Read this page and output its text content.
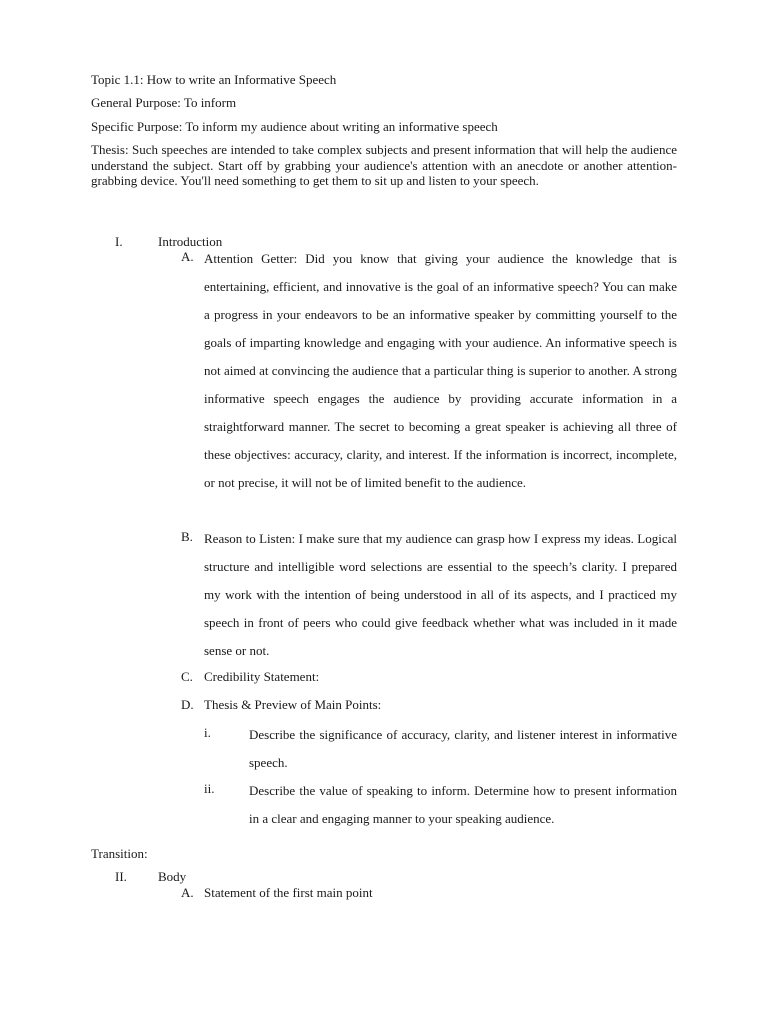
Topic 1.1: How to write an Informative Speech
General Purpose: To inform
Specific Purpose: To inform my audience about writing an informative speech
Thesis: Such speeches are intended to take complex subjects and present information that will help the audience understand the subject. Start off by grabbing your audience's attention with an anecdote or another attention-grabbing device. You'll need something to get them to sit up and listen to your speech.
I.	Introduction
A. Attention Getter: Did you know that giving your audience the knowledge that is entertaining, efficient, and innovative is the goal of an informative speech? You can make a progress in your endeavors to be an informative speaker by committing yourself to the goals of imparting knowledge and engaging with your audience. An informative speech is not aimed at convincing the audience that a particular thing is superior to another. A strong informative speech engages the audience by providing accurate information in a straightforward manner. The secret to becoming a great speaker is achieving all three of these objectives: accuracy, clarity, and interest. If the information is incorrect, incomplete, or not precise, it will not be of limited benefit to the audience.
B. Reason to Listen: I make sure that my audience can grasp how I express my ideas. Logical structure and intelligible word selections are essential to the speech’s clarity. I prepared my work with the intention of being understood in all of its aspects, and I practiced my speech in front of peers who could give feedback whether what was included in it made sense or not.
C. Credibility Statement:
D. Thesis & Preview of Main Points:
i.	Describe the significance of accuracy, clarity, and listener interest in informative speech.
ii.	Describe the value of speaking to inform. Determine how to present information in a clear and engaging manner to your speaking audience.
Transition:
II. Body
A. Statement of the first main point
